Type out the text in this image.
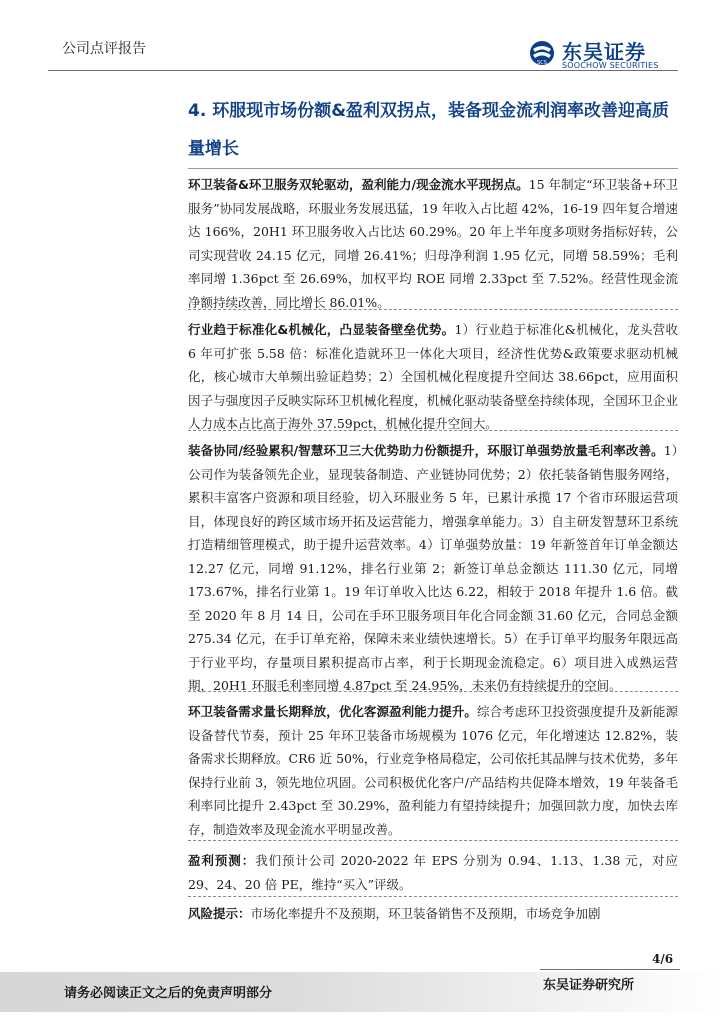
公司点评报告
SCS 东吴证券
SOOCHOW SECURITIES
4. 环服现市场份额&盈利双拐点，装备现金流利润率改善迎高质量增长

环卫装备&环卫服务双轮驱动，盈利能力/现金流水平现拐点。15 年制定“环卫装备+环卫服务”协同发展战略，环服业务发展迅猛，19 年收入占比超 42%，16-19 四年复合增速达 166%，20H1 环卫服务收入占比达 60.29%。20 年上半年度多项财务指标好转，公司实现营收 24.15 亿元，同增 26.41%；归母净利润 1.95 亿元，同增 58.59%；毛利率同增 1.36pct 至 26.69%，加权平均 ROE 同增 2.33pct 至 7.52%。经营性现金流净额持续改善，同比增长 86.01%。

行业趋于标准化&机械化，凸显装备壁垒优势。1）行业趋于标准化&机械化，龙头营收 6 年可扩张 5.58 倍：标准化造就环卫一体化大项目，经济性优势&政策要求驱动机械化，核心城市大单频出验证趋势；2）全国机械化程度提升空间达 38.66pct，应用面积因子与强度因子反映实际环卫机械化程度，机械化驱动装备壁垒持续体现，全国环卫企业人力成本占比高于海外 37.59pct，机械化提升空间大。

装备协同/经验累积/智慧环卫三大优势助力份额提升，环服订单强势放量毛利率改善。1）公司作为装备领先企业，显现装备制造、产业链协同优势；2）依托装备销售服务网络，累积丰富客户资源和项目经验，切入环服业务 5 年，已累计承揽 17 个省市环服运营项目，体现良好的跨区域市场开拓及运营能力，增强拿单能力。3）自主研发智慧环卫系统打造精细管理模式，助于提升运营效率。4）订单强势放量：19 年新签首年订单金额达 12.27 亿元，同增 91.12%，排名行业第 2；新签订单总金额达 111.30 亿元，同增 173.67%，排名行业第 1。19 年订单收入比达 6.22，相较于 2018 年提升 1.6 倍。截至 2020 年 8 月 14 日，公司在手环卫服务项目年化合同金额 31.60 亿元，合同总金额 275.34 亿元，在手订单充裕，保障未来业绩快速增长。5）在手订单平均服务年限远高于行业平均，存量项目累积提高市占率，利于长期现金流稳定。6）项目进入成熟运营期，20H1 环服毛利率同增 4.87pct 至 24.95%，未来仍有持续提升的空间。

环卫装备需求量长期释放，优化客源盈利能力提升。综合考虑环卫投资强度提升及新能源设备替代节奏，预计 25 年环卫装备市场规模为 1076 亿元，年化增速达 12.82%，装备需求长期释放。CR6 近 50%，行业竞争格局稳定，公司依托其品牌与技术优势，多年保持行业前 3，领先地位巩固。公司积极优化客户/产品结构共促降本增效，19 年装备毛利率同比提升 2.43pct 至 30.29%，盈利能力有望持续提升；加强回款力度，加快去库存，制造效率及现金流水平明显改善。

盈利预测：我们预计公司 2020-2022 年 EPS 分别为 0.94、1.13、1.38 元，对应 29、24、20 倍 PE，维持“买入”评级。

风险提示：市场化率提升不及预期，环卫装备销售不及预期，市场竞争加剧

4/6
请务必阅读正文之后的免责声明部分
东吴证券研究所
